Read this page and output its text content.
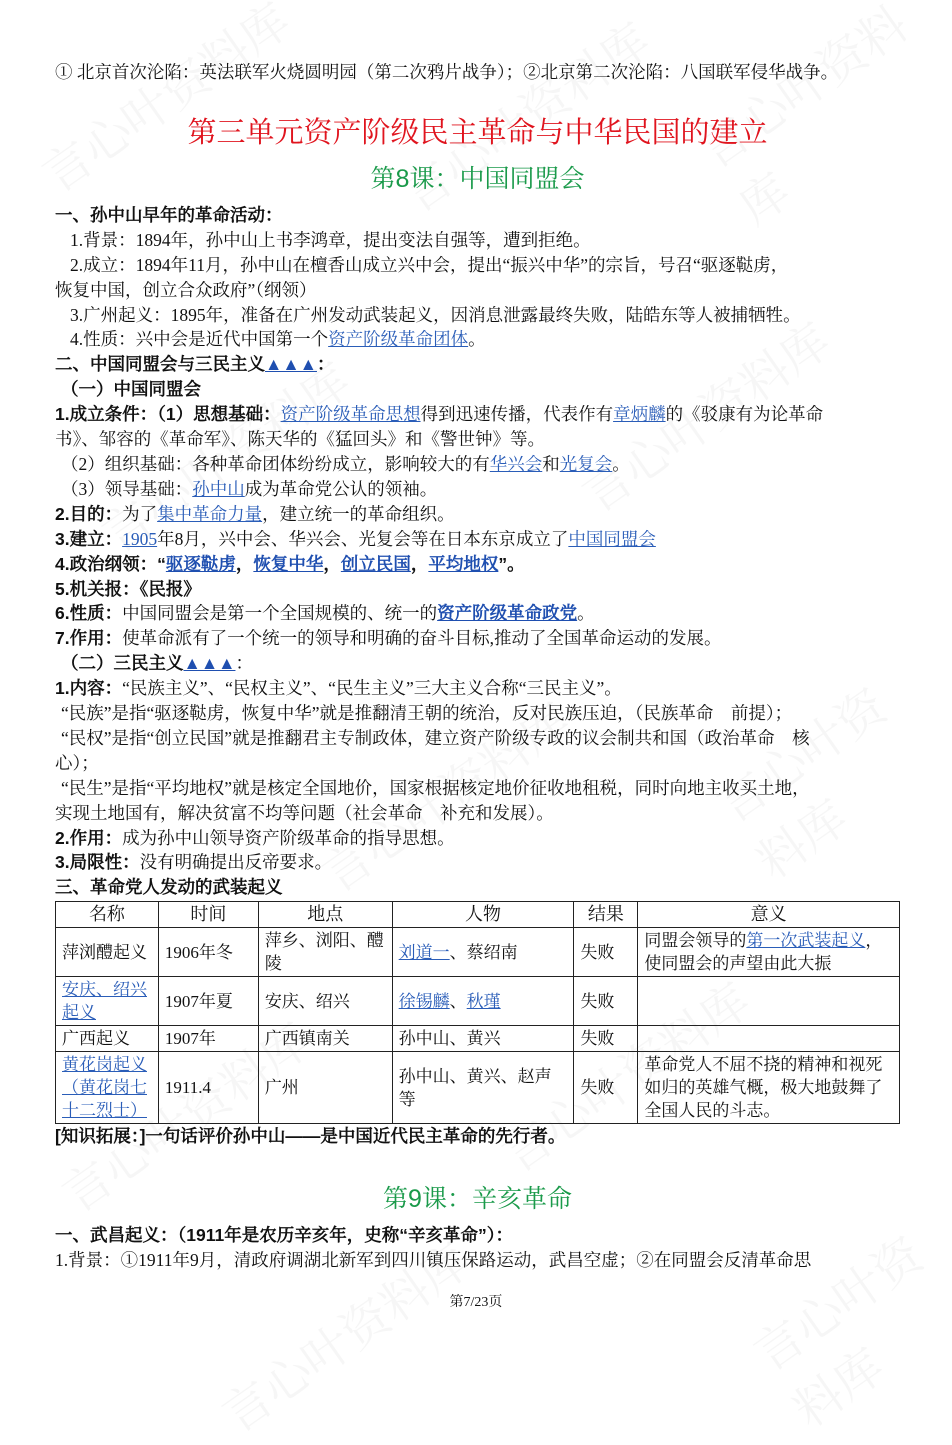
① 北京首次沦陷：英法联军火烧圆明园（第二次鸦片战争）；②北京第二次沦陷：八国联军侵华战争。
第三单元资产阶级民主革命与中华民国的建立
第8课：中国同盟会
一、孙中山早年的革命活动：
1.背景：1894年，孙中山上书李鸿章，提出变法自强等，遭到拒绝。
2.成立：1894年11月，孙中山在檀香山成立兴中会，提出“振兴中华”的宗旨，号召“驱逐鞑虏，
恢复中国，创立合众政府”（纲领）
3.广州起义：1895年，准备在广州发动武装起义，因消息泄露最终失败，陆皓东等人被捕牺牲。
4.性质：兴中会是近代中国第一个资产阶级革命团体。
二、中国同盟会与三民主义▲▲▲：
（一）中国同盟会
1.成立条件：（1）思想基础：资产阶级革命思想得到迅速传播，代表作有章炳麟的《驳康有为论革命
书》、邹容的《革命军》、陈天华的《猛回头》和《警世钟》等。
（2）组织基础：各种革命团体纷纷成立，影响较大的有华兴会和光复会。
（3）领导基础：孙中山成为革命党公认的领袖。
2.目的：为了集中革命力量，建立统一的革命组织。
3.建立：1905年8月，兴中会、华兴会、光复会等在日本东京成立了中国同盟会
4.政治纲领：“驱逐鞑虏，恢复中华，创立民国，平均地权”。
5.机关报：《民报》
6.性质：中国同盟会是第一个全国规模的、统一的资产阶级革命政党。
7.作用：使革命派有了一个统一的领导和明确的奋斗目标,推动了全国革命运动的发展。
（二）三民主义▲▲▲：
1.内容：“民族主义”、“民权主义”、“民生主义”三大主义合称“三民主义”。
“民族”是指“驱逐鞑虏，恢复中华”就是推翻清王朝的统治，反对民族压迫，（民族革命　前提）；
“民权”是指“创立民国”就是推翻君主专制政体，建立资产阶级专政的议会制共和国（政治革命　核
心）；
“民生”是指“平均地权”就是核定全国地价，国家根据核定地价征收地租税，同时向地主收买土地，
实现土地国有，解决贫富不均等问题（社会革命　补充和发展）。
2.作用：成为孙中山领导资产阶级革命的指导思想。
3.局限性：没有明确提出反帝要求。
三、革命党人发动的武装起义
名称	时间	地点	人物	结果	意义
萍浏醴起义	1906年冬	萍乡、浏阳、醴陵	刘道一、蔡绍南	失败	同盟会领导的第一次武装起义，使同盟会的声望由此大振
安庆、绍兴起义	1907年夏	安庆、绍兴	徐锡麟、秋瑾	失败	
广西起义	1907年	广西镇南关	孙中山、黄兴	失败	
黄花岗起义（黄花岗七十二烈士）	1911.4	广州	孙中山、黄兴、赵声等	失败	革命党人不屈不挠的精神和视死如归的英雄气概，极大地鼓舞了全国人民的斗志。
[知识拓展：]一句话评价孙中山——是中国近代民主革命的先行者。
第9课：辛亥革命
一、武昌起义：（1911年是农历辛亥年，史称“辛亥革命”）：
1.背景：①1911年9月，清政府调湖北新军到四川镇压保路运动，武昌空虚；②在同盟会反清革命思
第7/23页
